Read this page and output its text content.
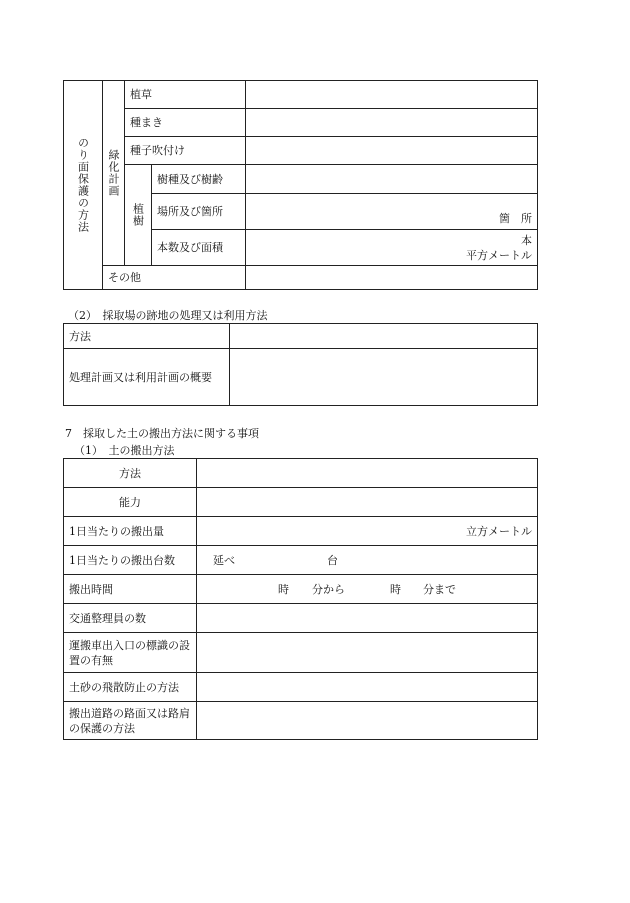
のり面保護の方法	緑化計画	植草		
		種まき		
		種子吹付け		
		植樹	樹種及び樹齢	
			場所及び箇所	箇　所
			本数及び面積	本
平方メートル

	その他			
（2）　採取場の跡地の処理又は利用方法
方法	
処理計画又は利用計画の概要	
7　採取した土の搬出方法に関する事項
（1）　土の搬出方法
方法	
能力	
1日当たりの搬出量	立方メートル
1日当たりの搬出台数	延べ 台

搬出時間	時 分から 時 分まで

交通整理員の数	
運搬車出入口の標識の設置の有無	
土砂の飛散防止の方法	
搬出道路の路面又は路肩の保護の方法	
